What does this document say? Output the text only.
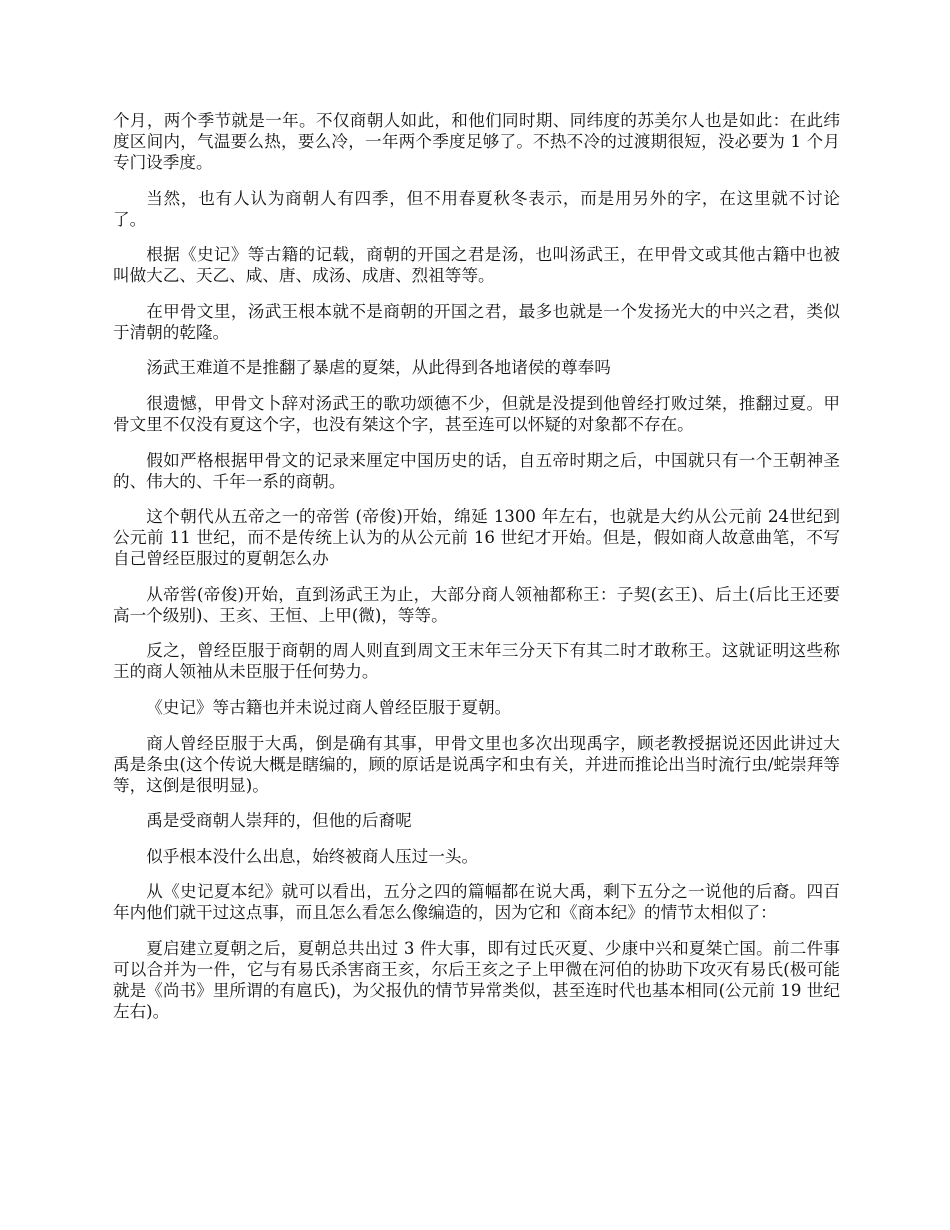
个月，两个季节就是一年。不仅商朝人如此，和他们同时期、同纬度的苏美尔人也是如此：在此纬度区间内，气温要么热，要么冷，一年两个季度足够了。不热不冷的过渡期很短，没必要为 1 个月专门设季度。

当然，也有人认为商朝人有四季，但不用春夏秋冬表示，而是用另外的字，在这里就不讨论了。

根据《史记》等古籍的记载，商朝的开国之君是汤，也叫汤武王，在甲骨文或其他古籍中也被叫做大乙、天乙、咸、唐、成汤、成唐、烈祖等等。

在甲骨文里，汤武王根本就不是商朝的开国之君，最多也就是一个发扬光大的中兴之君，类似于清朝的乾隆。

汤武王难道不是推翻了暴虐的夏桀，从此得到各地诸侯的尊奉吗

很遗憾，甲骨文卜辞对汤武王的歌功颂德不少，但就是没提到他曾经打败过桀，推翻过夏。甲骨文里不仅没有夏这个字，也没有桀这个字，甚至连可以怀疑的对象都不存在。

假如严格根据甲骨文的记录来厘定中国历史的话，自五帝时期之后，中国就只有一个王朝神圣的、伟大的、千年一系的商朝。

这个朝代从五帝之一的帝喾 (帝俊)开始，绵延 1300 年左右，也就是大约从公元前 24世纪到公元前 11 世纪，而不是传统上认为的从公元前 16 世纪才开始。但是，假如商人故意曲笔，不写自己曾经臣服过的夏朝怎么办

从帝喾(帝俊)开始，直到汤武王为止，大部分商人领袖都称王：子契(玄王)、后土(后比王还要高一个级别)、王亥、王恒、上甲(微)，等等。

反之，曾经臣服于商朝的周人则直到周文王末年三分天下有其二时才敢称王。这就证明这些称王的商人领袖从未臣服于任何势力。

《史记》等古籍也并未说过商人曾经臣服于夏朝。

商人曾经臣服于大禹，倒是确有其事，甲骨文里也多次出现禹字，顾老教授据说还因此讲过大禹是条虫(这个传说大概是瞎编的，顾的原话是说禹字和虫有关，并进而推论出当时流行虫/蛇崇拜等等，这倒是很明显)。

禹是受商朝人崇拜的，但他的后裔呢

似乎根本没什么出息，始终被商人压过一头。

从《史记夏本纪》就可以看出，五分之四的篇幅都在说大禹，剩下五分之一说他的后裔。四百年内他们就干过这点事，而且怎么看怎么像编造的，因为它和《商本纪》的情节太相似了：

夏启建立夏朝之后，夏朝总共出过 3 件大事，即有过氏灭夏、少康中兴和夏桀亡国。前二件事可以合并为一件，它与有易氏杀害商王亥，尔后王亥之子上甲微在河伯的协助下攻灭有易氏(极可能就是《尚书》里所谓的有扈氏)，为父报仇的情节异常类似，甚至连时代也基本相同(公元前 19 世纪左右)。
